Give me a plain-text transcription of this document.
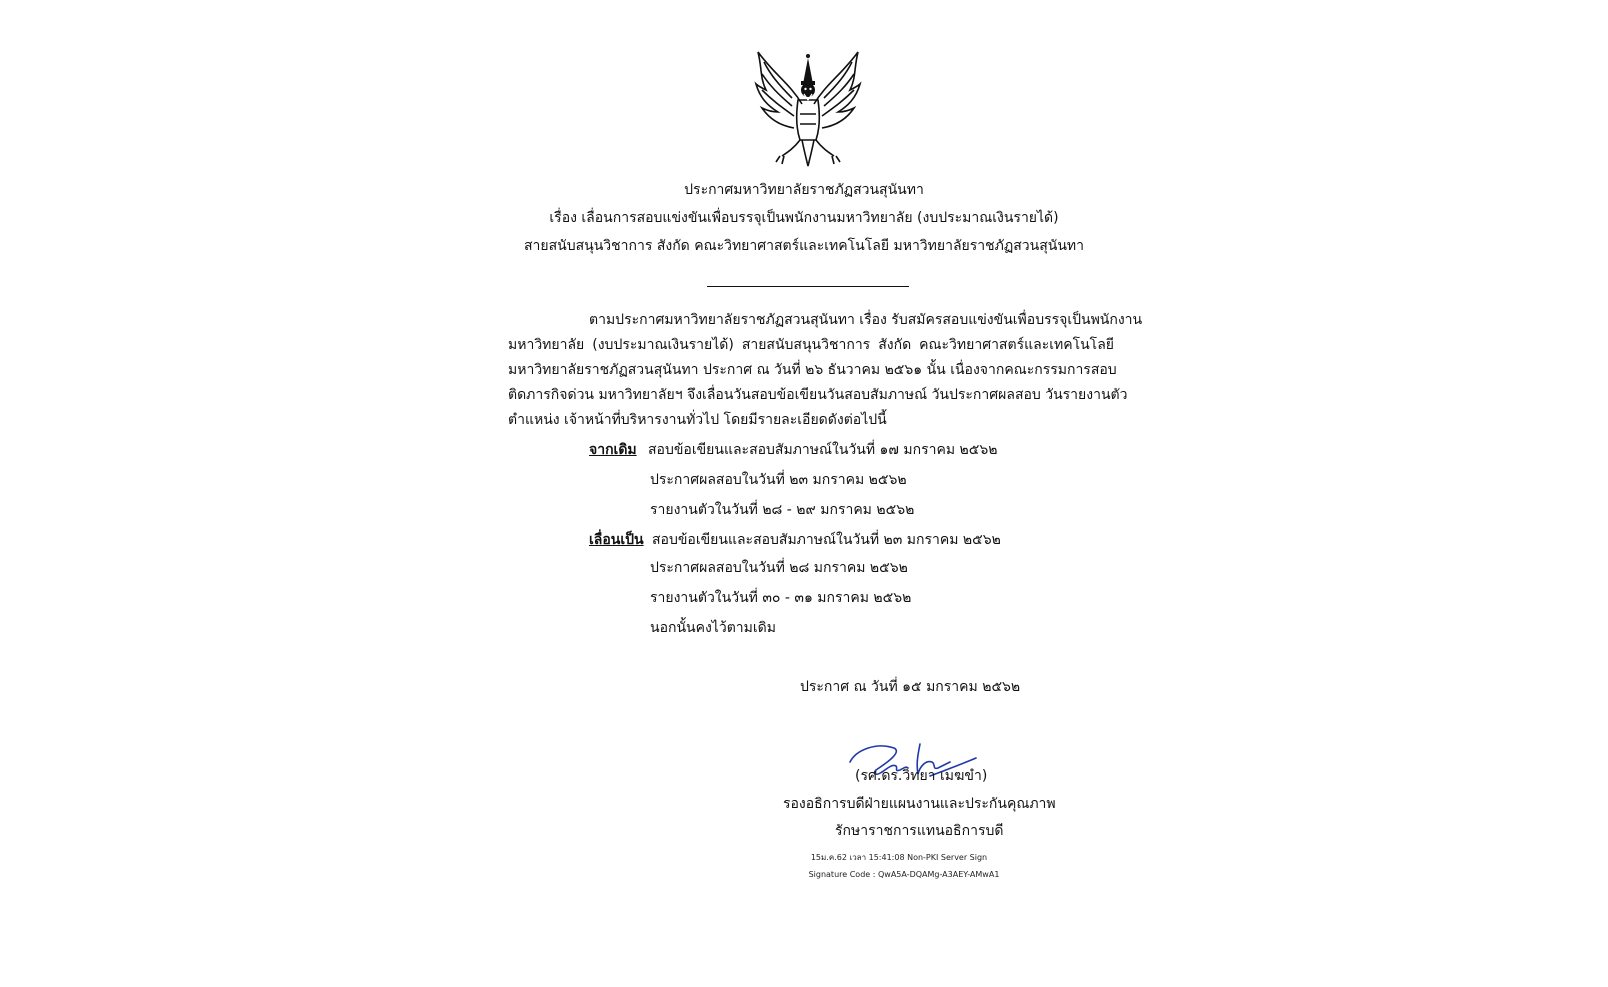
ประกาศมหาวิทยาลัยราชภัฏสวนสุนันทา
เรื่อง เลื่อนการสอบแข่งขันเพื่อบรรจุเป็นพนักงานมหาวิทยาลัย (งบประมาณเงินรายได้)
สายสนับสนุนวิชาการ สังกัด คณะวิทยาศาสตร์และเทคโนโลยี มหาวิทยาลัยราชภัฏสวนสุนันทา
ตามประกาศมหาวิทยาลัยราชภัฏสวนสุนันทา เรื่อง รับสมัครสอบแข่งขันเพื่อบรรจุเป็นพนักงาน
มหาวิทยาลัย (งบประมาณเงินรายได้) สายสนับสนุนวิชาการ สังกัด คณะวิทยาศาสตร์และเทคโนโลยี
มหาวิทยาลัยราชภัฏสวนสุนันทา ประกาศ ณ วันที่ ๒๖ ธันวาคม ๒๕๖๑ นั้น เนื่องจากคณะกรรมการสอบ
ติดภารกิจด่วน มหาวิทยาลัยฯ จึงเลื่อนวันสอบข้อเขียนวันสอบสัมภาษณ์ วันประกาศผลสอบ วันรายงานตัว
ตำแหน่ง เจ้าหน้าที่บริหารงานทั่วไป โดยมีรายละเอียดดังต่อไปนี้
จากเดิม สอบข้อเขียนและสอบสัมภาษณ์ในวันที่ ๑๗ มกราคม ๒๕๖๒
ประกาศผลสอบในวันที่ ๒๓ มกราคม ๒๕๖๒
รายงานตัวในวันที่ ๒๘ - ๒๙ มกราคม ๒๕๖๒
เลื่อนเป็น สอบข้อเขียนและสอบสัมภาษณ์ในวันที่ ๒๓ มกราคม ๒๕๖๒
ประกาศผลสอบในวันที่ ๒๘ มกราคม ๒๕๖๒
รายงานตัวในวันที่ ๓๐ - ๓๑ มกราคม ๒๕๖๒
นอกนั้นคงไว้ตามเดิม
ประกาศ ณ วันที่ ๑๕ มกราคม ๒๕๖๒
(รศ.ดร.วิทยา เมฆขำ)
รองอธิการบดีฝ่ายแผนงานและประกันคุณภาพ
รักษาราชการแทนอธิการบดี
15ม.ค.62 เวลา 15:41:08 Non-PKI Server Sign
Signature Code : QwA5A-DQAMg-A3AEY-AMwA1
